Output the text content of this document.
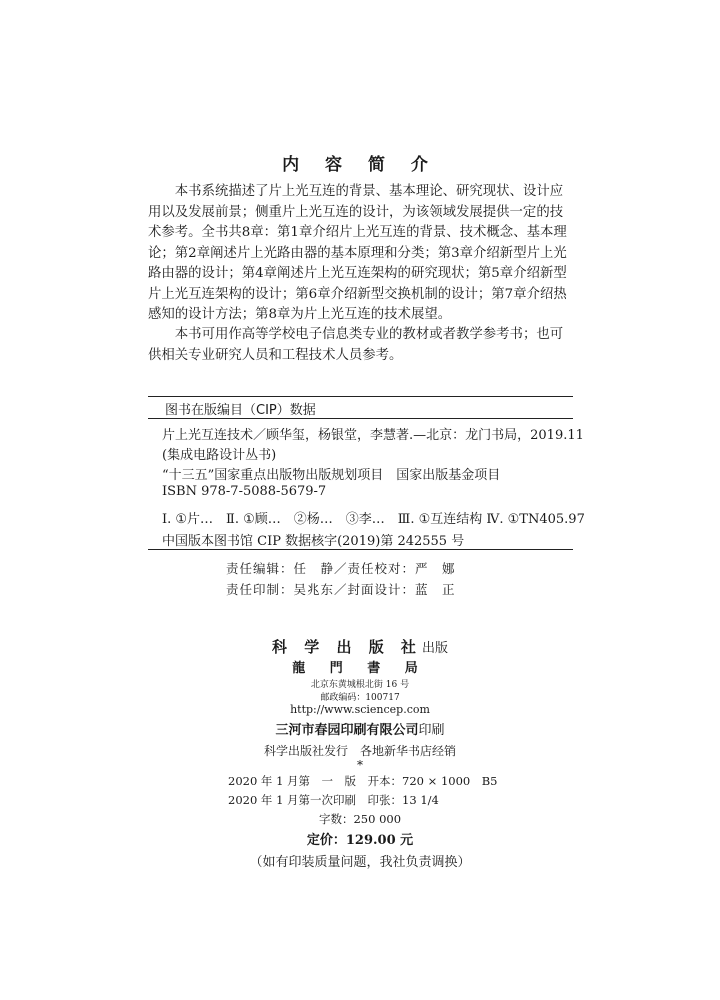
内 容 简 介

本书系统描述了片上光互连的背景、基本理论、研究现状、设计应用以及发展前景；侧重片上光互连的设计，为该领域发展提供一定的技术参考。全书共8章：第1章介绍片上光互连的背景、技术概念、基本理论；第2章阐述片上光路由器的基本原理和分类；第3章介绍新型片上光路由器的设计；第4章阐述片上光互连架构的研究现状；第5章介绍新型片上光互连架构的设计；第6章介绍新型交换机制的设计；第7章介绍热感知的设计方法；第8章为片上光互连的技术展望。

本书可用作高等学校电子信息类专业的教材或者教学参考书；也可供相关专业研究人员和工程技术人员参考。

图书在版编目（CIP）数据
片上光互连技术／顾华玺，杨银堂，李慧著.—北京：龙门书局，2019.11
(集成电路设计丛书)
“十三五”国家重点出版物出版规划项目　国家出版基金项目
ISBN 978-7-5088-5679-7
Ⅰ. ①片…　Ⅱ. ①顾…　②杨…　③李…　Ⅲ. ①互连结构 Ⅳ. ①TN405.97
中国版本图书馆 CIP 数据核字(2019)第 242555 号
责任编辑：任　静／责任校对：严　娜
责任印制：吴兆东／封面设计：蓝　正
科 学 出 版 社出版
龍 門 書 局
北京东黄城根北街 16 号
邮政编码：100717
http://www.sciencep.com
三河市春园印刷有限公司印刷
科学出版社发行　各地新华书店经销
*
2020 年 1 月第　一　版　开本：720 × 1000　B5
2020 年 1 月第一次印刷　印张：13 1/4
字数：250 000
定价：129.00 元
（如有印装质量问题，我社负责调换）
